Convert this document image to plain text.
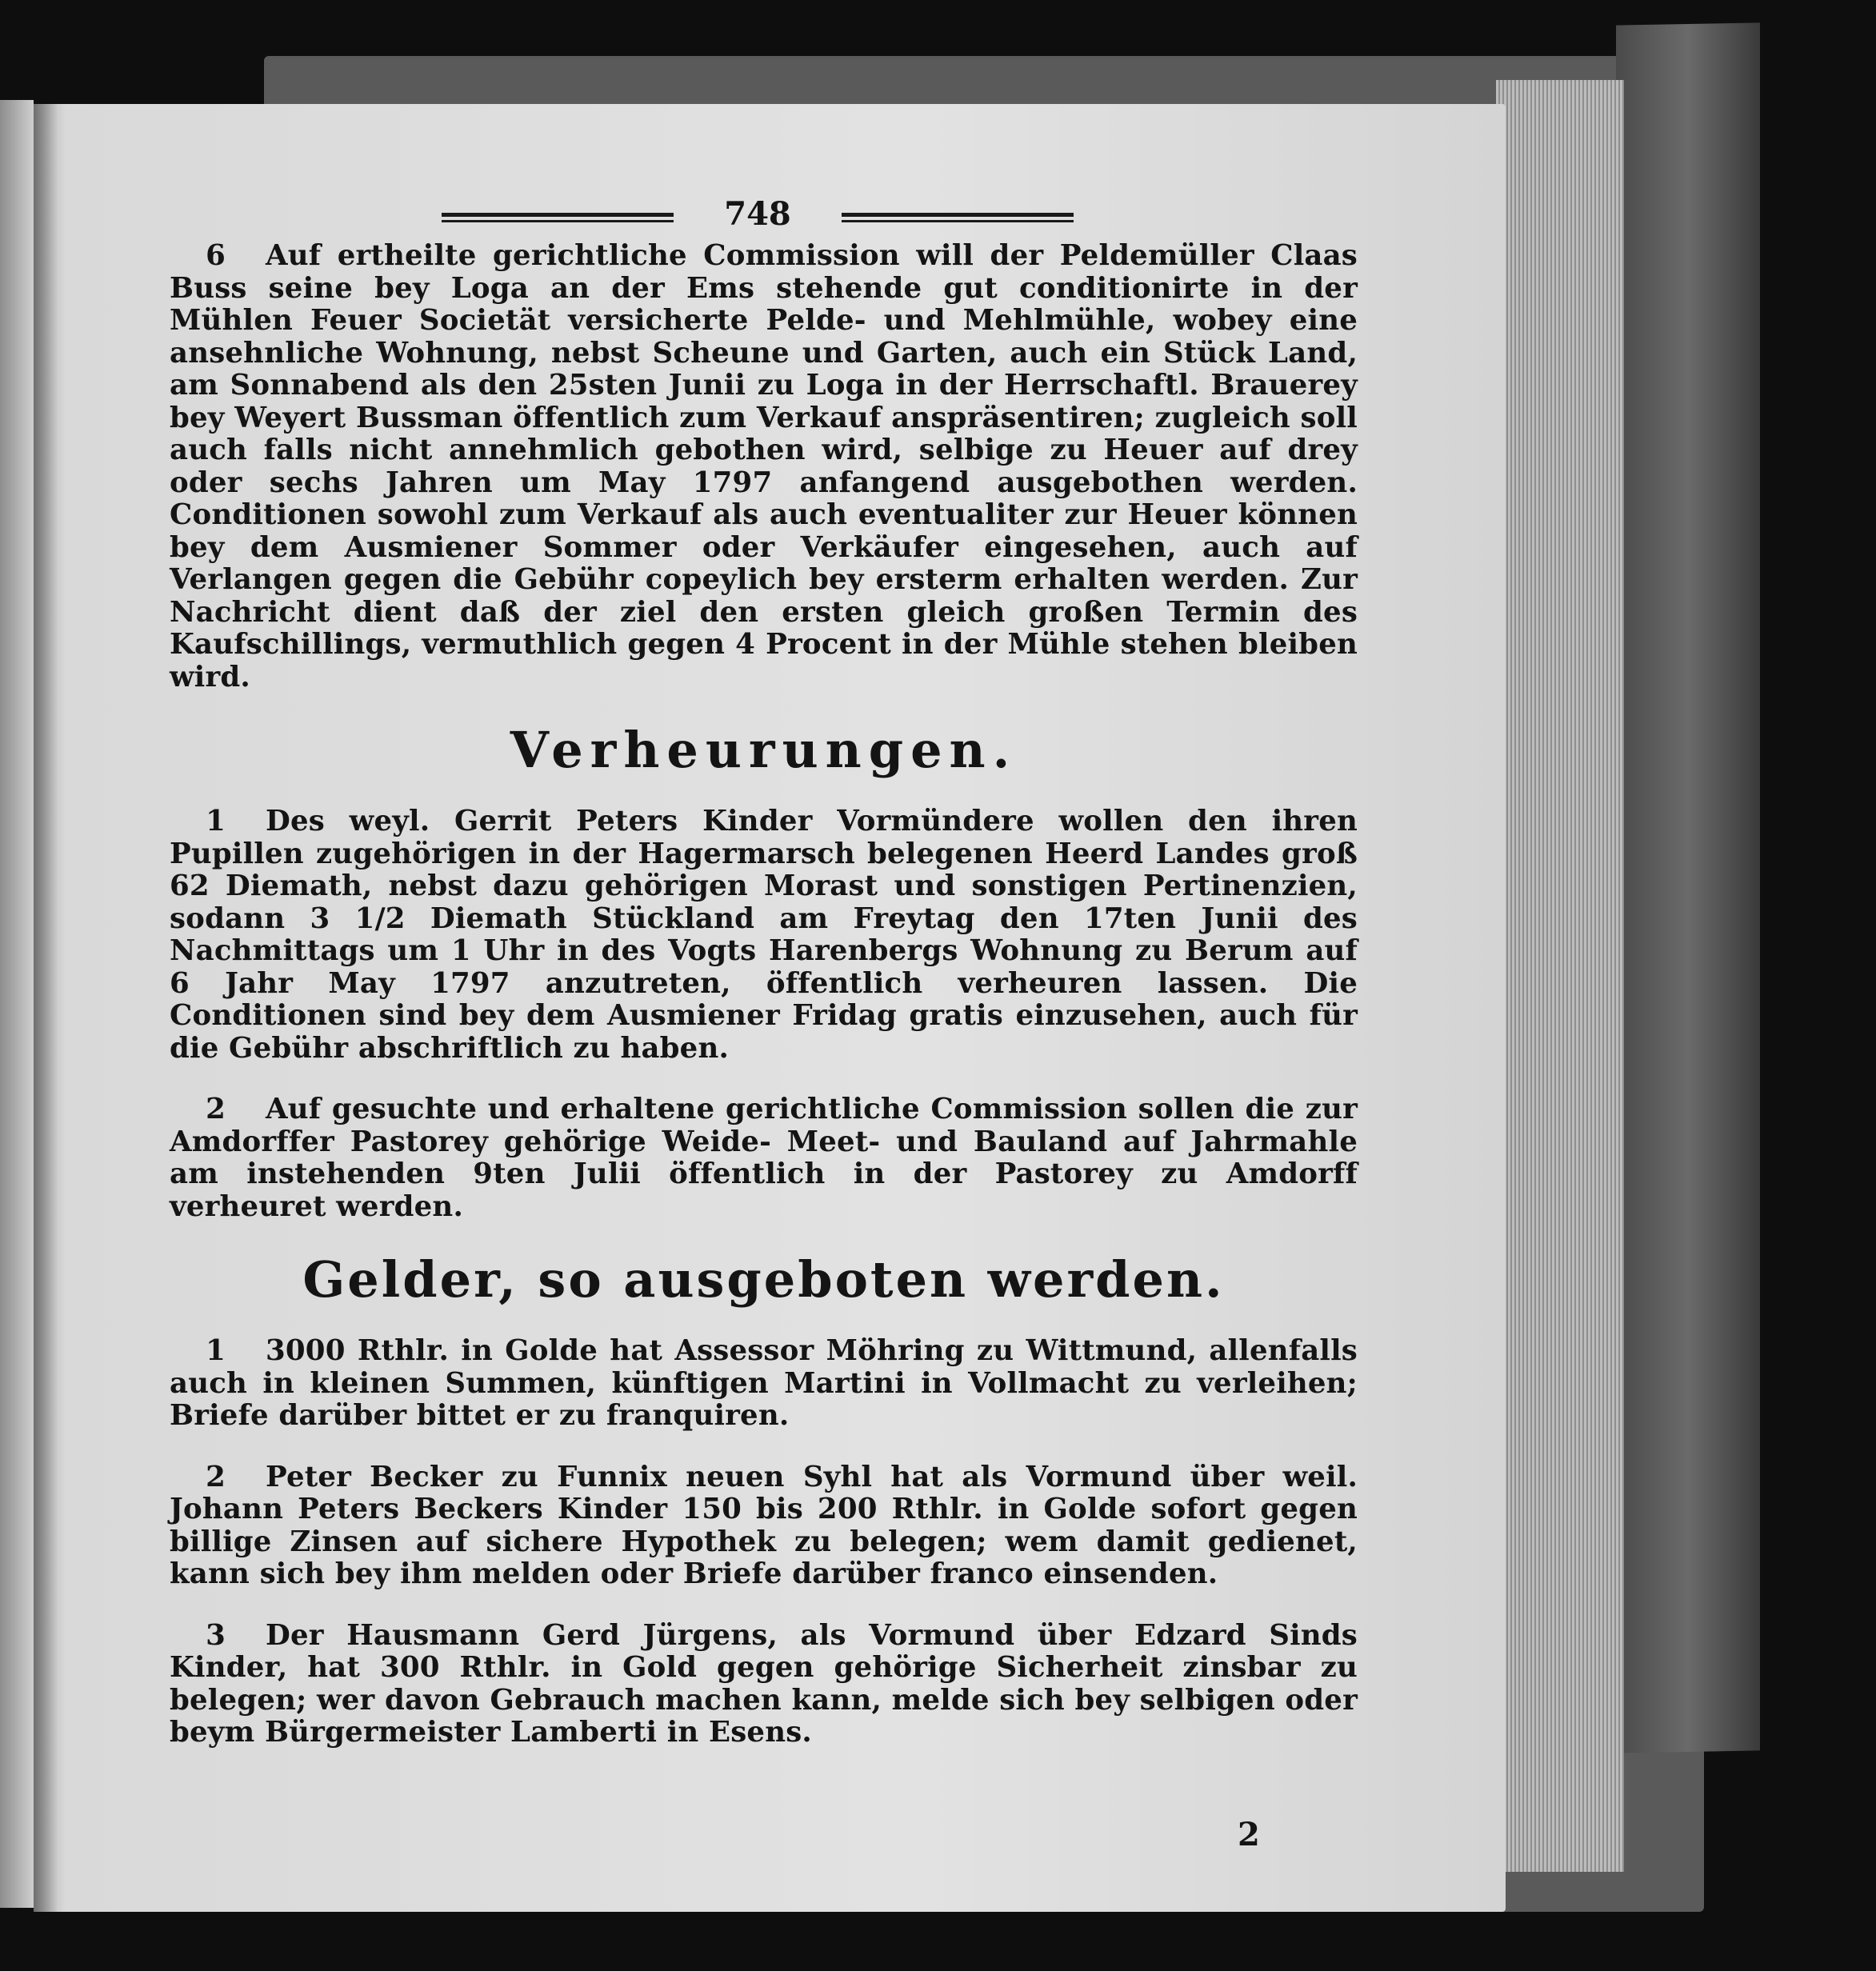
748

6 Auf ertheilte gerichtliche Commission will der Peldemüller Claas Buss seine bey Loga an der Ems stehende gut conditionirte in der Mühlen Feuer Societät versicherte Pelde- und Mehlmühle, wobey eine ansehnliche Wohnung, nebst Scheune und Garten, auch ein Stück Land, am Sonnabend als den 25sten Junii zu Loga in der Herrschaftl. Brauerey bey Weyert Bussman öffentlich zum Verkauf anspräsentiren; zugleich soll auch falls nicht annehmlich gebothen wird, selbige zu Heuer auf drey oder sechs Jahren um May 1797 anfangend ausgebothen werden. Conditionen sowohl zum Verkauf als auch eventualiter zur Heuer können bey dem Ausmiener Sommer oder Verkäufer eingesehen, auch auf Verlangen gegen die Gebühr copeylich bey ersterm erhalten werden. Zur Nachricht dient daß der ziel den ersten gleich großen Termin des Kaufschillings, vermuthlich gegen 4 Procent in der Mühle stehen bleiben wird.

Verheurungen.

1 Des weyl. Gerrit Peters Kinder Vormündere wollen den ihren Pupillen zugehörigen in der Hagermarsch belegenen Heerd Landes groß 62 Diemath, nebst dazu gehörigen Morast und sonstigen Pertinenzien, sodann 3 1/2 Diemath Stückland am Freytag den 17ten Junii des Nachmittags um 1 Uhr in des Vogts Harenbergs Wohnung zu Berum auf 6 Jahr May 1797 anzutreten, öffentlich verheuren lassen. Die Conditionen sind bey dem Ausmiener Fridag gratis einzusehen, auch für die Gebühr abschriftlich zu haben.

2 Auf gesuchte und erhaltene gerichtliche Commission sollen die zur Amdorffer Pastorey gehörige Weide- Meet- und Bauland auf Jahrmahle am instehenden 9ten Julii öffentlich in der Pastorey zu Amdorff verheuret werden.

Gelder, so ausgeboten werden.

1 3000 Rthlr. in Golde hat Assessor Möhring zu Wittmund, allenfalls auch in kleinen Summen, künftigen Martini in Vollmacht zu verleihen; Briefe darüber bittet er zu franquiren.

2 Peter Becker zu Funnix neuen Syhl hat als Vormund über weil. Johann Peters Beckers Kinder 150 bis 200 Rthlr. in Golde sofort gegen billige Zinsen auf sichere Hypothek zu belegen; wem damit gedienet, kann sich bey ihm melden oder Briefe darüber franco einsenden.

3 Der Hausmann Gerd Jürgens, als Vormund über Edzard Sinds Kinder, hat 300 Rthlr. in Gold gegen gehörige Sicherheit zinsbar zu belegen; wer davon Gebrauch machen kann, melde sich bey selbigen oder beym Bürgermeister Lamberti in Esens.

2
